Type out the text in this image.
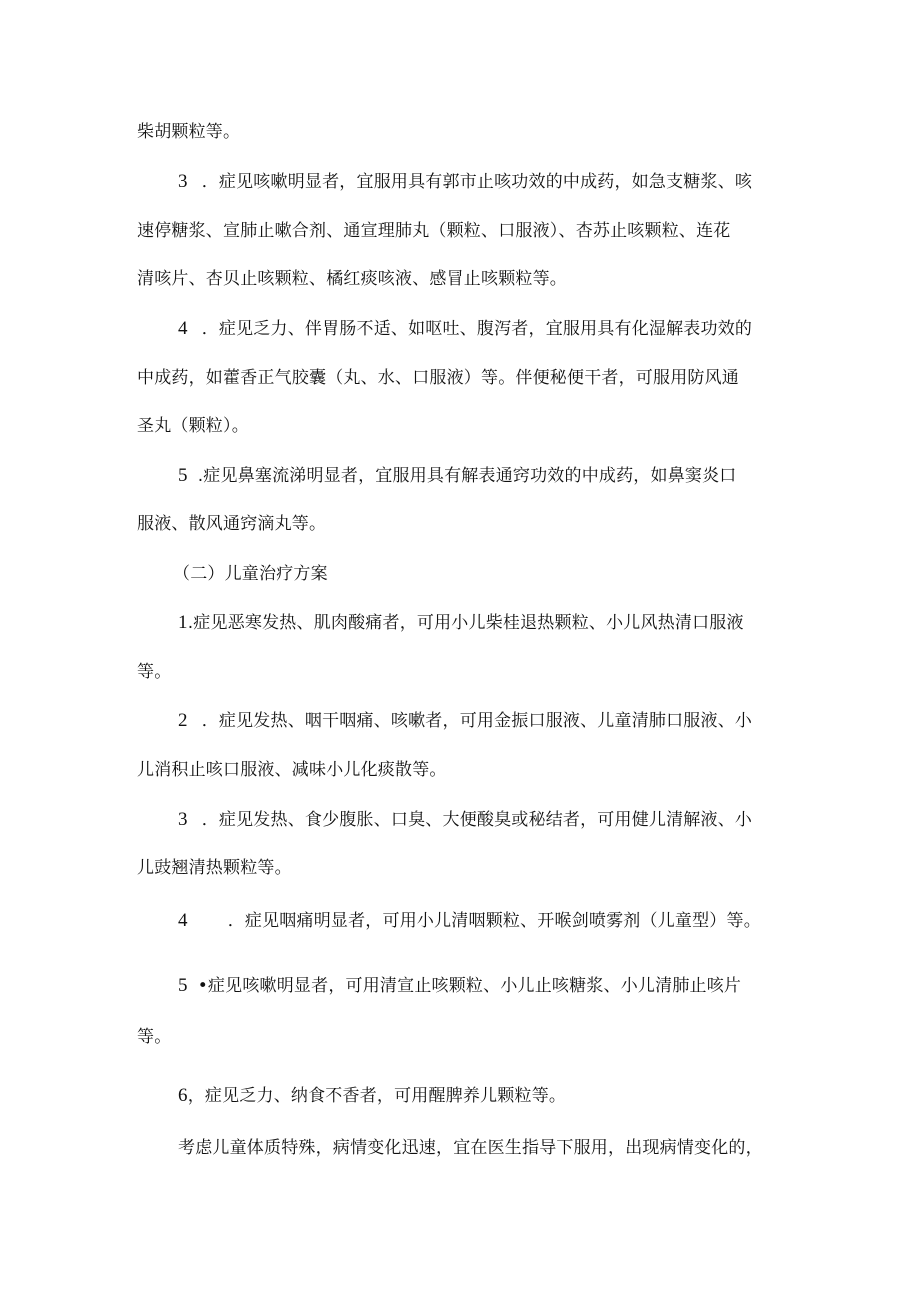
柴胡颗粒等。
3 ．症见咳嗽明显者，宜服用具有郭市止咳功效的中成药，如急支糖浆、咳
速停糖浆、宣肺止嗽合剂、通宣理肺丸（颗粒、口服液）、杏苏止咳颗粒、连花
清咳片、杏贝止咳颗粒、橘红痰咳液、感冒止咳颗粒等。
4 ．症见乏力、伴胃肠不适、如呕吐、腹泻者，宜服用具有化湿解表功效的
中成药，如藿香正气胶囊（丸、水、口服液）等。伴便秘便干者，可服用防风通
圣丸（颗粒）。
5 .症见鼻塞流涕明显者，宜服用具有解表通窍功效的中成药，如鼻窦炎口
服液、散风通窍滴丸等。
（二）儿童治疗方案
1.症见恶寒发热、肌肉酸痛者，可用小儿柴桂退热颗粒、小儿风热清口服液
等。
2 ．症见发热、咽干咽痛、咳嗽者，可用金振口服液、儿童清肺口服液、小
儿消积止咳口服液、减味小儿化痰散等。
3 ．症见发热、食少腹胀、口臭、大便酸臭或秘结者，可用健儿清解液、小
儿豉翘清热颗粒等。
4 ．症见咽痛明显者，可用小儿清咽颗粒、开喉剑喷雾剂（儿童型）等。
5 •症见咳嗽明显者，可用清宣止咳颗粒、小儿止咳糖浆、小儿清肺止咳片
等。
6，症见乏力、纳食不香者，可用醒脾养儿颗粒等。
考虑儿童体质特殊，病情变化迅速，宜在医生指导下服用，出现病情变化的，
